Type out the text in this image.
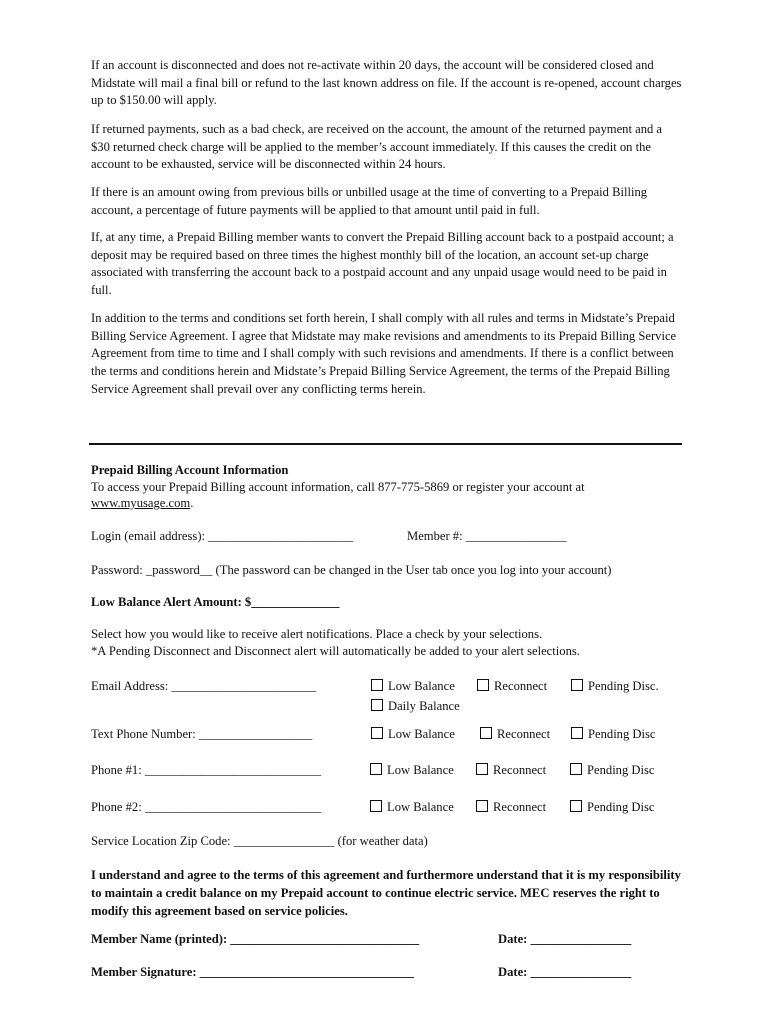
If an account is disconnected and does not re-activate within 20 days, the account will be considered closed and Midstate will mail a final bill or refund to the last known address on file. If the account is re-opened, account charges up to $150.00 will apply.

If returned payments, such as a bad check, are received on the account, the amount of the returned payment and a $30 returned check charge will be applied to the member’s account immediately. If this causes the credit on the account to be exhausted, service will be disconnected within 24 hours.

If there is an amount owing from previous bills or unbilled usage at the time of converting to a Prepaid Billing account, a percentage of future payments will be applied to that amount until paid in full.

If, at any time, a Prepaid Billing member wants to convert the Prepaid Billing account back to a postpaid account; a deposit may be required based on three times the highest monthly bill of the location, an account set-up charge associated with transferring the account back to a postpaid account and any unpaid usage would need to be paid in full.

In addition to the terms and conditions set forth herein, I shall comply with all rules and terms in Midstate’s Prepaid Billing Service Agreement. I agree that Midstate may make revisions and amendments to its Prepaid Billing Service Agreement from time to time and I shall comply with such revisions and amendments. If there is a conflict between the terms and conditions herein and Midstate’s Prepaid Billing Service Agreement, the terms of the Prepaid Billing Service Agreement shall prevail over any conflicting terms herein.

Prepaid Billing Account Information
To access your Prepaid Billing account information, call 877-775-5869 or register your account at
www.myusage.com.
Login (email address): _______________________	Member #: ________________
Password: _password__ (The password can be changed in the User tab once you log into your account)
Low Balance Alert Amount: $______________
Select how you would like to receive alert notifications. Place a check by your selections.
*A Pending Disconnect and Disconnect alert will automatically be added to your alert selections.
Email Address: _______________________	Low Balance	Reconnect	Pending Disc.
Daily Balance
Text Phone Number: __________________	Low Balance	Reconnect	Pending Disc
Phone #1: ____________________________	Low Balance	Reconnect	Pending Disc
Phone #2: ____________________________	Low Balance	Reconnect	Pending Disc
Service Location Zip Code: ________________ (for weather data)

I understand and agree to the terms of this agreement and furthermore understand that it is my responsibility to maintain a credit balance on my Prepaid account to continue electric service. MEC reserves the right to modify this agreement based on service policies.

Member Name (printed): ______________________________	Date: ________________
Member Signature: __________________________________	Date: ________________
